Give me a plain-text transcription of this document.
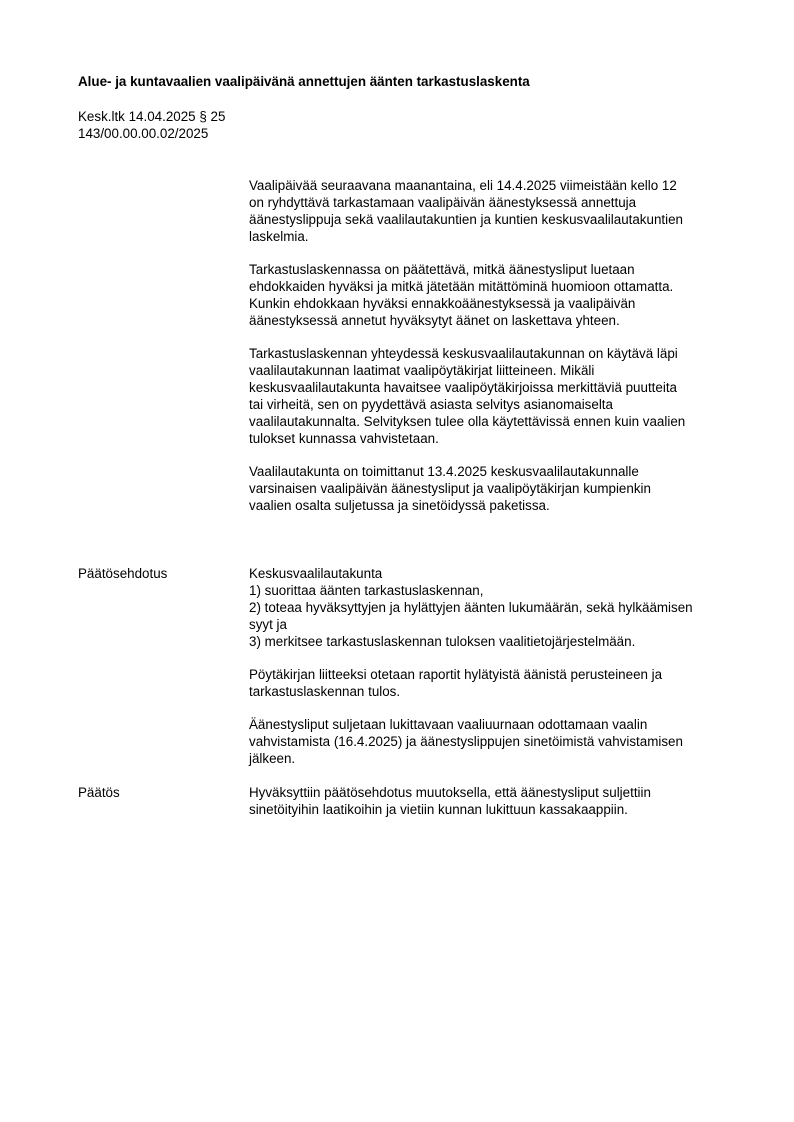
Alue- ja kuntavaalien vaalipäivänä annettujen äänten tarkastuslaskenta
Kesk.ltk 14.04.2025 § 25
143/00.00.00.02/2025

Vaalipäivää seuraavana maanantaina, eli 14.4.2025 viimeistään kello 12
on ryhdyttävä tarkastamaan vaalipäivän äänestyksessä annettuja
äänestyslippuja sekä vaalilautakuntien ja kuntien keskusvaalilautakuntien
laskelmia.

Tarkastuslaskennassa on päätettävä, mitkä äänestysliput luetaan
ehdokkaiden hyväksi ja mitkä jätetään mitättöminä huomioon ottamatta.
Kunkin ehdokkaan hyväksi ennakkoäänestyksessä ja vaalipäivän
äänestyksessä annetut hyväksytyt äänet on laskettava yhteen.

Tarkastuslaskennan yhteydessä keskusvaalilautakunnan on käytävä läpi
vaalilautakunnan laatimat vaalipöytäkirjat liitteineen. Mikäli
keskusvaalilautakunta havaitsee vaalipöytäkirjoissa merkittäviä puutteita
tai virheitä, sen on pyydettävä asiasta selvitys asianomaiselta
vaalilautakunnalta. Selvityksen tulee olla käytettävissä ennen kuin vaalien
tulokset kunnassa vahvistetaan.

Vaalilautakunta on toimittanut 13.4.2025 keskusvaalilautakunnalle
varsinaisen vaalipäivän äänestysliput ja vaalipöytäkirjan kumpienkin
vaalien osalta suljetussa ja sinetöidyssä paketissa.

Päätösehdotus	Keskusvaalilautakunta
1) suorittaa äänten tarkastuslaskennan,
2) toteaa hyväksyttyjen ja hylättyjen äänten lukumäärän, sekä hylkäämisen
syyt ja
3) merkitsee tarkastuslaskennan tuloksen vaalitietojärjestelmään.

Pöytäkirjan liitteeksi otetaan raportit hylätyistä äänistä perusteineen ja
tarkastuslaskennan tulos.

Äänestysliput suljetaan lukittavaan vaaliuurnaan odottamaan vaalin
vahvistamista (16.4.2025) ja äänestyslippujen sinetöimistä vahvistamisen
jälkeen.

Päätös	Hyväksyttiin päätösehdotus muutoksella, että äänestysliput suljettiin
sinetöityihin laatikoihin ja vietiin kunnan lukittuun kassakaappiin.
